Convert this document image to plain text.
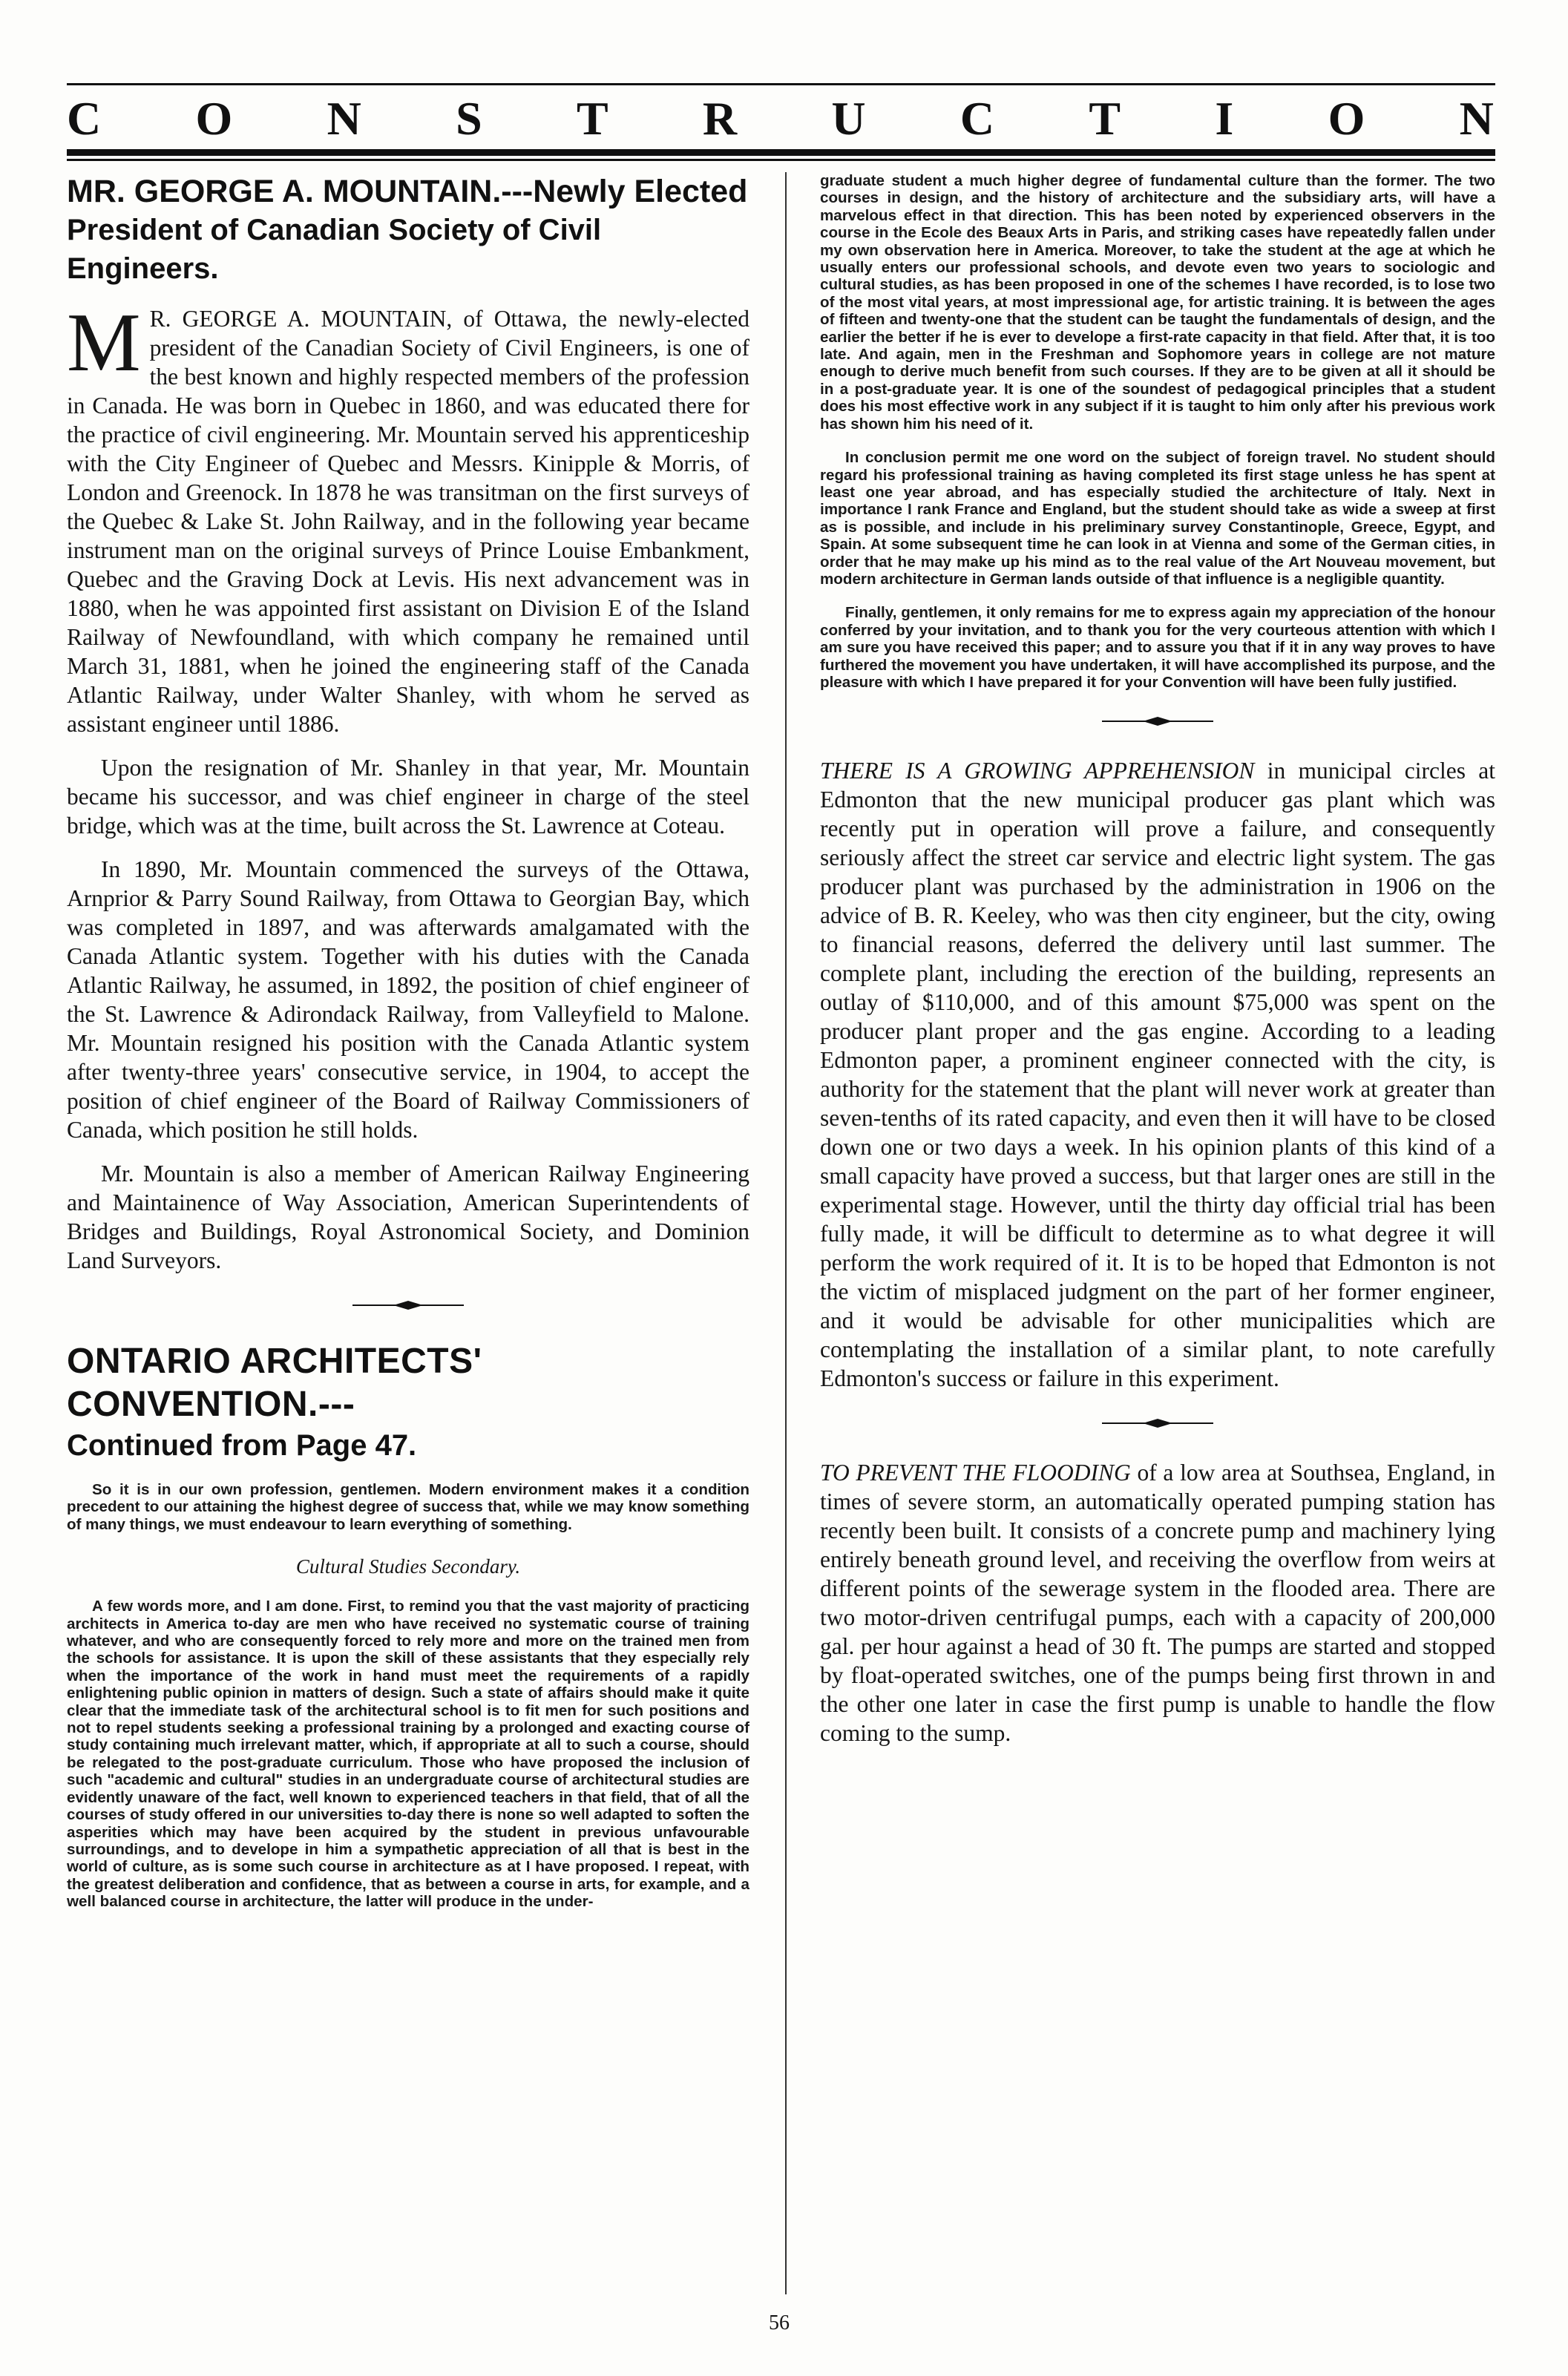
C O N S T R U C T I O N
MR. GEORGE A. MOUNTAIN.---Newly Elected
President of Canadian Society of Civil Engineers.

M R. GEORGE A. MOUNTAIN, of Ottawa, the newly-elected president of the Canadian Society of Civil Engineers, is one of the best known and highly respected members of the profession in Canada. He was born in Quebec in 1860, and was educated there for the practice of civil engineering. Mr. Mountain served his apprenticeship with the City Engineer of Quebec and Messrs. Kinipple & Morris, of London and Greenock. In 1878 he was transitman on the first surveys of the Quebec & Lake St. John Railway, and in the following year became instrument man on the original surveys of Prince Louise Embankment, Quebec and the Graving Dock at Levis. His next advancement was in 1880, when he was appointed first assistant on Division E of the Island Railway of Newfoundland, with which company he remained until March 31, 1881, when he joined the engineering staff of the Canada Atlantic Railway, under Walter Shanley, with whom he served as assistant engineer until 1886.

Upon the resignation of Mr. Shanley in that year, Mr. Mountain became his successor, and was chief engineer in charge of the steel bridge, which was at the time, built across the St. Lawrence at Coteau.

In 1890, Mr. Mountain commenced the surveys of the Ottawa, Arnprior & Parry Sound Railway, from Ottawa to Georgian Bay, which was completed in 1897, and was afterwards amalgamated with the Canada Atlantic system. Together with his duties with the Canada Atlantic Railway, he assumed, in 1892, the position of chief engineer of the St. Lawrence & Adirondack Railway, from Valleyfield to Malone. Mr. Mountain resigned his position with the Canada Atlantic system after twenty-three years' consecutive service, in 1904, to accept the position of chief engineer of the Board of Railway Commissioners of Canada, which position he still holds.

Mr. Mountain is also a member of American Railway Engineering and Maintainence of Way Association, American Superintendents of Bridges and Buildings, Royal Astronomical Society, and Dominion Land Surveyors.

ONTARIO ARCHITECTS' CONVENTION.---
Continued from Page 47.

So it is in our own profession, gentlemen. Modern environment makes it a condition precedent to our attaining the highest degree of success that, while we may know something of many things, we must endeavour to learn everything of something.

Cultural Studies Secondary.

A few words more, and I am done. First, to remind you that the vast majority of practicing architects in America to-day are men who have received no systematic course of training whatever, and who are consequently forced to rely more and more on the trained men from the schools for assistance. It is upon the skill of these assistants that they especially rely when the importance of the work in hand must meet the requirements of a rapidly enlightening public opinion in matters of design. Such a state of affairs should make it quite clear that the immediate task of the architectural school is to fit men for such positions and not to repel students seeking a professional training by a prolonged and exacting course of study containing much irrelevant matter, which, if appropriate at all to such a course, should be relegated to the post-graduate curriculum. Those who have proposed the inclusion of such "academic and cultural" studies in an undergraduate course of architectural studies are evidently unaware of the fact, well known to experienced teachers in that field, that of all the courses of study offered in our universities to-day there is none so well adapted to soften the asperities which may have been acquired by the student in previous unfavourable surroundings, and to develope in him a sympathetic appreciation of all that is best in the world of culture, as is some such course in architecture as at I have proposed. I repeat, with the greatest deliberation and confidence, that as between a course in arts, for example, and a well balanced course in architecture, the latter will produce in the under-

graduate student a much higher degree of fundamental culture than the former. The two courses in design, and the history of architecture and the subsidiary arts, will have a marvelous effect in that direction. This has been noted by experienced observers in the course in the Ecole des Beaux Arts in Paris, and striking cases have repeatedly fallen under my own observation here in America. Moreover, to take the student at the age at which he usually enters our professional schools, and devote even two years to sociologic and cultural studies, as has been proposed in one of the schemes I have recorded, is to lose two of the most vital years, at most impressional age, for artistic training. It is between the ages of fifteen and twenty-one that the student can be taught the fundamentals of design, and the earlier the better if he is ever to develope a first-rate capacity in that field. After that, it is too late. And again, men in the Freshman and Sophomore years in college are not mature enough to derive much benefit from such courses. If they are to be given at all it should be in a post-graduate year. It is one of the soundest of pedagogical principles that a student does his most effective work in any subject if it is taught to him only after his previous work has shown him his need of it.

In conclusion permit me one word on the subject of foreign travel. No student should regard his professional training as having completed its first stage unless he has spent at least one year abroad, and has especially studied the architecture of Italy. Next in importance I rank France and England, but the student should take as wide a sweep at first as is possible, and include in his preliminary survey Constantinople, Greece, Egypt, and Spain. At some subsequent time he can look in at Vienna and some of the German cities, in order that he may make up his mind as to the real value of the Art Nouveau movement, but modern architecture in German lands outside of that influence is a negligible quantity.

Finally, gentlemen, it only remains for me to express again my appreciation of the honour conferred by your invitation, and to thank you for the very courteous attention with which I am sure you have received this paper; and to assure you that if it in any way proves to have furthered the movement you have undertaken, it will have accomplished its purpose, and the pleasure with which I have prepared it for your Convention will have been fully justified.

THERE IS A GROWING APPREHENSION in municipal circles at Edmonton that the new municipal producer gas plant which was recently put in operation will prove a failure, and consequently seriously affect the street car service and electric light system. The gas producer plant was purchased by the administration in 1906 on the advice of B. R. Keeley, who was then city engineer, but the city, owing to financial reasons, deferred the delivery until last summer. The complete plant, including the erection of the building, represents an outlay of $110,000, and of this amount $75,000 was spent on the producer plant proper and the gas engine. According to a leading Edmonton paper, a prominent engineer connected with the city, is authority for the statement that the plant will never work at greater than seven-tenths of its rated capacity, and even then it will have to be closed down one or two days a week. In his opinion plants of this kind of a small capacity have proved a success, but that larger ones are still in the experimental stage. However, until the thirty day official trial has been fully made, it will be difficult to determine as to what degree it will perform the work required of it. It is to be hoped that Edmonton is not the victim of misplaced judgment on the part of her former engineer, and it would be advisable for other municipalities which are contemplating the installation of a similar plant, to note carefully Edmonton's success or failure in this experiment.

TO PREVENT THE FLOODING of a low area at Southsea, England, in times of severe storm, an automatically operated pumping station has recently been built. It consists of a concrete pump and machinery lying entirely beneath ground level, and receiving the overflow from weirs at different points of the sewerage system in the flooded area. There are two motor-driven centrifugal pumps, each with a capacity of 200,000 gal. per hour against a head of 30 ft. The pumps are started and stopped by float-operated switches, one of the pumps being first thrown in and the other one later in case the first pump is unable to handle the flow coming to the sump.

56
